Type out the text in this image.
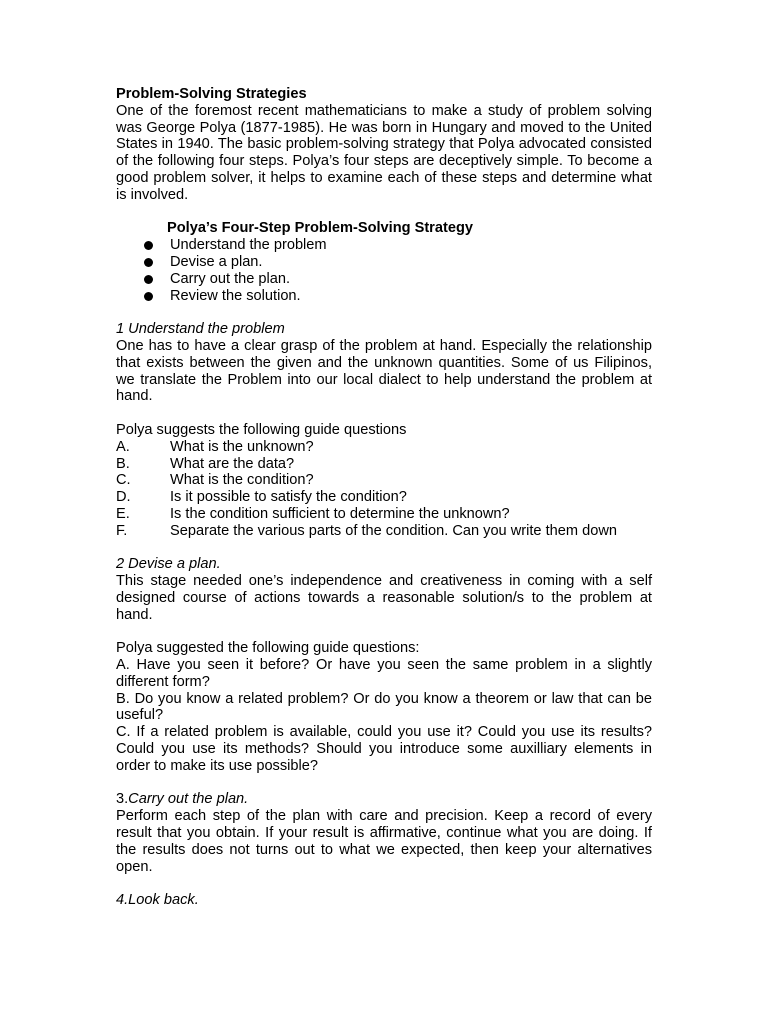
Problem-Solving Strategies

One of the foremost recent mathematicians to make a study of problem solving was George Polya (1877-1985). He was born in Hungary and moved to the United States in 1940. The basic problem-solving strategy that Polya advocated consisted of the following four steps. Polya’s four steps are deceptively simple. To become a good problem solver, it helps to examine each of these steps and determine what is involved.

Polya’s Four-Step Problem-Solving Strategy
Understand the problem
Devise a plan.
Carry out the plan.
Review the solution.

1 Understand the problem

One has to have a clear grasp of the problem at hand. Especially the relationship that exists between the given and the unknown quantities. Some of us Filipinos, we translate the Problem into our local dialect to help understand the problem at hand.

Polya suggests the following guide questions

A.	What is the unknown?
B.	What are the data?
C.	What is the condition?
D.	Is it possible to satisfy the condition?
E.	Is the condition sufficient to determine the unknown?
F.	Separate the various parts of the condition. Can you write them down

2 Devise a plan.

This stage needed one’s independence and creativeness in coming with a self designed course of actions towards a reasonable solution/s to the problem at hand.

Polya suggested the following guide questions:

A. Have you seen it before? Or have you seen the same problem in a slightly different form?

B. Do you know a related problem? Or do you know a theorem or law that can be useful?

C. If a related problem is available, could you use it? Could you use its results? Could you use its methods? Should you introduce some auxilliary elements in order to make its use possible?

3.Carry out the plan.

Perform each step of the plan with care and precision. Keep a record of every result that you obtain. If your result is affirmative, continue what you are doing. If the results does not turns out to what we expected, then keep your alternatives open.

4.Look back.
